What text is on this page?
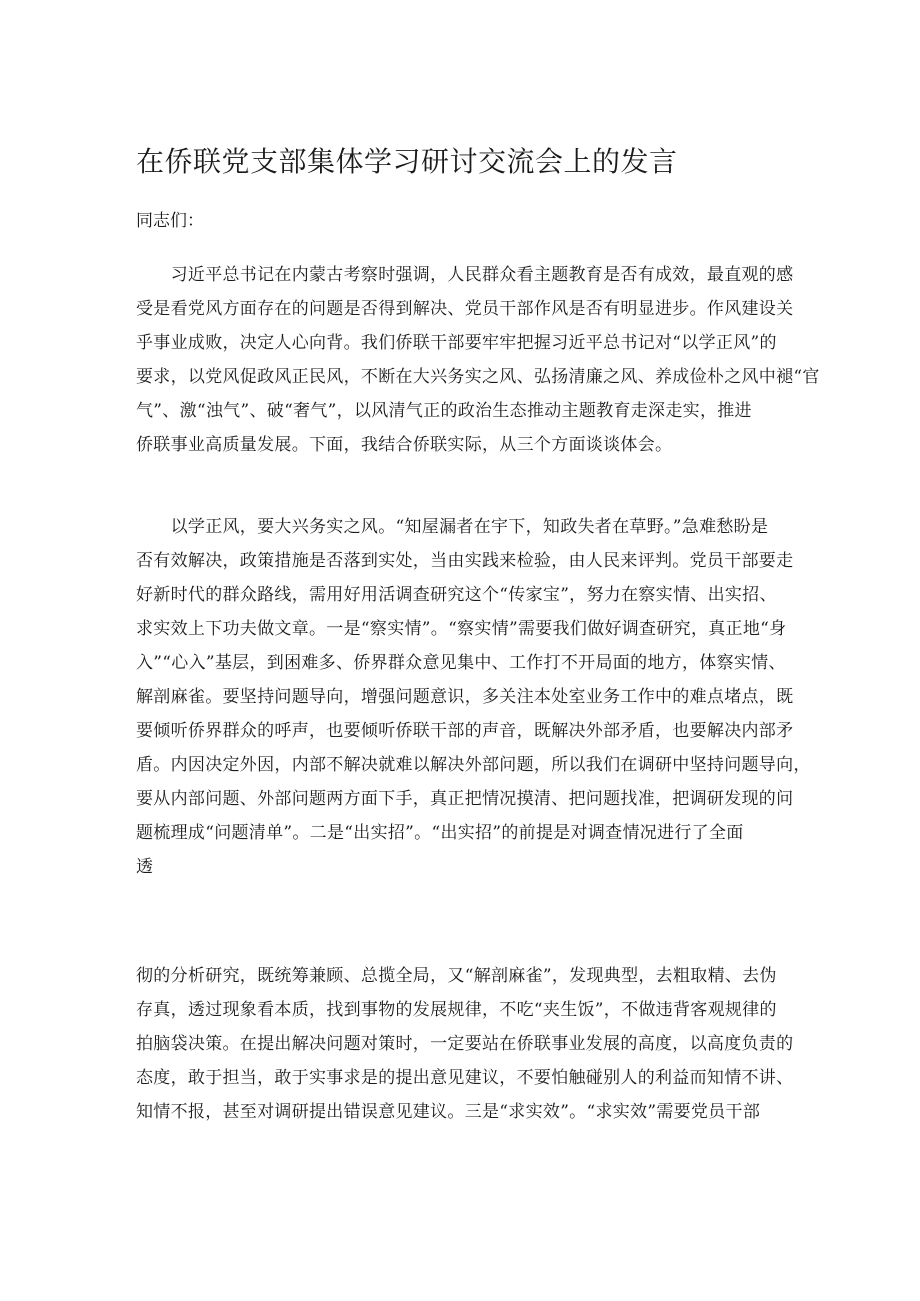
在侨联党支部集体学习研讨交流会上的发言

同志们：

　　习近平总书记在内蒙古考察时强调，人民群众看主题教育是否有成效，最直观的感
受是看党风方面存在的问题是否得到解决、党员干部作风是否有明显进步。作风建设关
乎事业成败，决定人心向背。我们侨联干部要牢牢把握习近平总书记对“以学正风”的
要求，以党风促政风正民风，不断在大兴务实之风、弘扬清廉之风、养成俭朴之风中褪“官
气”、激“浊气”、破“奢气”，以风清气正的政治生态推动主题教育走深走实，推进
侨联事业高质量发展。下面，我结合侨联实际，从三个方面谈谈体会。
　　以学正风，要大兴务实之风。“知屋漏者在宇下，知政失者在草野。”急难愁盼是
否有效解决，政策措施是否落到实处，当由实践来检验，由人民来评判。党员干部要走
好新时代的群众路线，需用好用活调查研究这个“传家宝”，努力在察实情、出实招、
求实效上下功夫做文章。一是“察实情”。“察实情”需要我们做好调查研究，真正地“身
入”“心入”基层，到困难多、侨界群众意见集中、工作打不开局面的地方，体察实情、
解剖麻雀。要坚持问题导向，增强问题意识，多关注本处室业务工作中的难点堵点，既
要倾听侨界群众的呼声，也要倾听侨联干部的声音，既解决外部矛盾，也要解决内部矛
盾。内因决定外因，内部不解决就难以解决外部问题，所以我们在调研中坚持问题导向，
要从内部问题、外部问题两方面下手，真正把情况摸清、把问题找准，把调研发现的问
题梳理成“问题清单”。二是“出实招”。“出实招”的前提是对调查情况进行了全面
透
彻的分析研究，既统筹兼顾、总揽全局，又“解剖麻雀”，发现典型，去粗取精、去伪
存真，透过现象看本质，找到事物的发展规律，不吃“夹生饭”，不做违背客观规律的
拍脑袋决策。在提出解决问题对策时，一定要站在侨联事业发展的高度，以高度负责的
态度，敢于担当，敢于实事求是的提出意见建议，不要怕触碰别人的利益而知情不讲、
知情不报，甚至对调研提出错误意见建议。三是“求实效”。“求实效”需要党员干部
